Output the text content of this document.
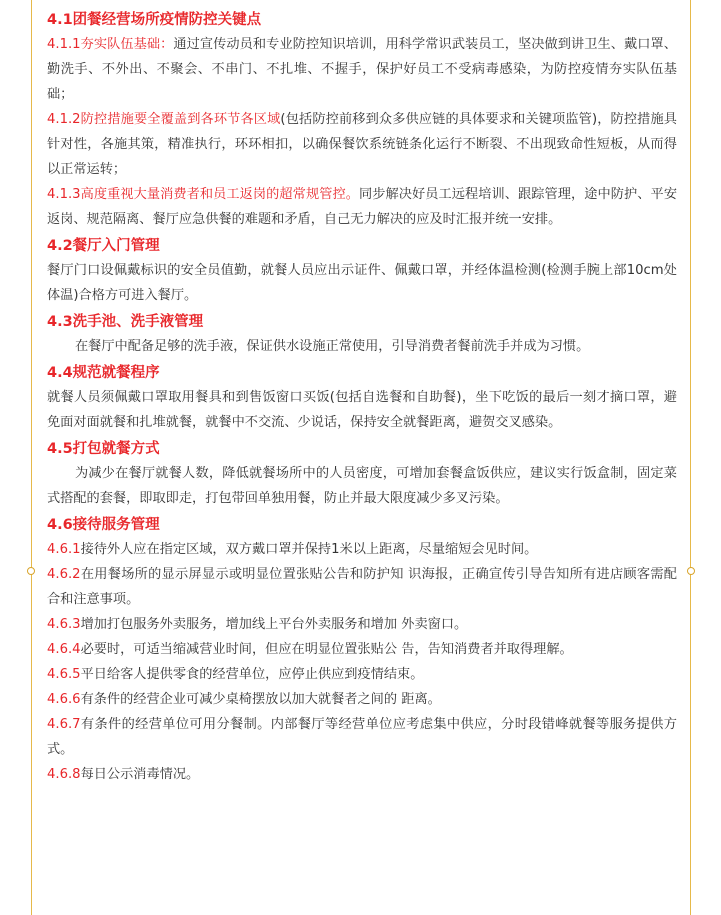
4.1团餐经营场所疫情防控关键点

4.1.1夯实队伍基础：通过宣传动员和专业防控知识培训，用科学常识武装员工，坚决做到讲卫生、戴口罩、勤洗手、不外出、不聚会、不串门、不扎堆、不握手，保护好员工不受病毒感染，为防控疫情夯实队伍基础；

4.1.2防控措施要全覆盖到各环节各区域(包括防控前移到众多供应链的具体要求和关键项监管)，防控措施具针对性，各施其策，精准执行，环环相扣，以确保餐饮系统链条化运行不断裂、不出现致命性短板，从而得以正常运转；

4.1.3高度重视大量消费者和员工返岗的超常规管控。同步解决好员工远程培训、跟踪管理，途中防护、平安返岗、规范隔离、餐厅应急供餐的难题和矛盾，自己无力解决的应及时汇报并统一安排。

4.2餐厅入门管理

餐厅门口设佩戴标识的安全员值勤，就餐人员应出示证件、佩戴口罩，并经体温检测(检测手腕上部10cm处体温)合格方可进入餐厅。

4.3洗手池、洗手液管理

在餐厅中配备足够的洗手液，保证供水设施正常使用，引导消费者餐前洗手并成为习惯。

4.4规范就餐程序

就餐人员须佩戴口罩取用餐具和到售饭窗口买饭(包括自选餐和自助餐)，坐下吃饭的最后一刻才摘口罩，避免面对面就餐和扎堆就餐，就餐中不交流、少说话，保持安全就餐距离，避贺交叉感染。

4.5打包就餐方式

为减少在餐厅就餐人数，降低就餐场所中的人员密度，可增加套餐盒饭供应，建议实行饭盒制，固定菜式搭配的套餐，即取即走，打包带回单独用餐，防止并最大限度减少多叉污染。

4.6接待服务管理

4.6.1接待外人应在指定区域，双方戴口罩并保持1米以上距离，尽量缩短会见时间。

4.6.2在用餐场所的显示屏显示或明显位置张贴公告和防护知 识海报，正确宣传引导告知所有进店顾客需配合和注意事项。

4.6.3增加打包服务外卖服务，增加线上平台外卖服务和增加 外卖窗口。

4.6.4必要时，可适当缩减营业时间，但应在明显位置张贴公 告，告知消费者并取得理解。

4.6.5平日给客人提供零食的经营单位，应停止供应到疫情结束。

4.6.6有条件的经营企业可减少桌椅摆放以加大就餐者之间的 距离。

4.6.7有条件的经营单位可用分餐制。内部餐厅等经营单位应考虑集中供应，分时段错峰就餐等服务提供方式。

4.6.8每日公示消毒情况。
